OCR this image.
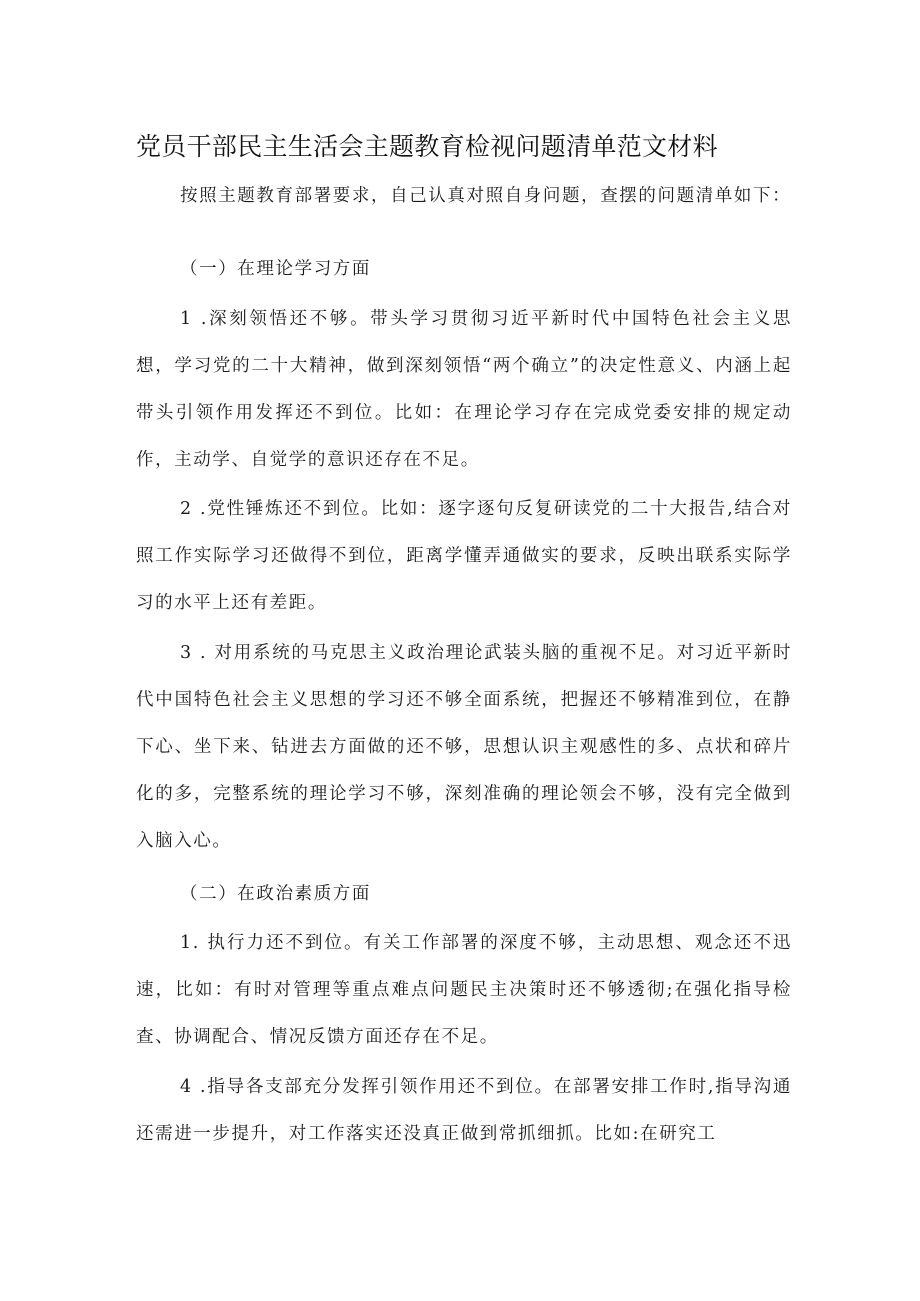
党员干部民主生活会主题教育检视问题清单范文材料

按照主题教育部署要求，自己认真对照自身问题，查摆的问题清单如下：

（一）在理论学习方面

1 .深刻领悟还不够。带头学习贯彻习近平新时代中国特色社会主义思想，学习党的二十大精神，做到深刻领悟“两个确立”的决定性意义、内涵上起带头引领作用发挥还不到位。比如：在理论学习存在完成党委安排的规定动作，主动学、自觉学的意识还存在不足。

2 .党性锤炼还不到位。比如：逐字逐句反复研读党的二十大报告,结合对照工作实际学习还做得不到位，距离学懂弄通做实的要求，反映出联系实际学习的水平上还有差距。

3 . 对用系统的马克思主义政治理论武装头脑的重视不足。对习近平新时代中国特色社会主义思想的学习还不够全面系统，把握还不够精准到位，在静下心、坐下来、钻进去方面做的还不够，思想认识主观感性的多、点状和碎片化的多，完整系统的理论学习不够，深刻准确的理论领会不够，没有完全做到入脑入心。

（二）在政治素质方面

1. 执行力还不到位。有关工作部署的深度不够，主动思想、观念还不迅速，比如：有时对管理等重点难点问题民主决策时还不够透彻;在强化指导检查、协调配合、情况反馈方面还存在不足。

4 .指导各支部充分发挥引领作用还不到位。在部署安排工作时,指导沟通还需进一步提升，对工作落实还没真正做到常抓细抓。比如:在研究工
